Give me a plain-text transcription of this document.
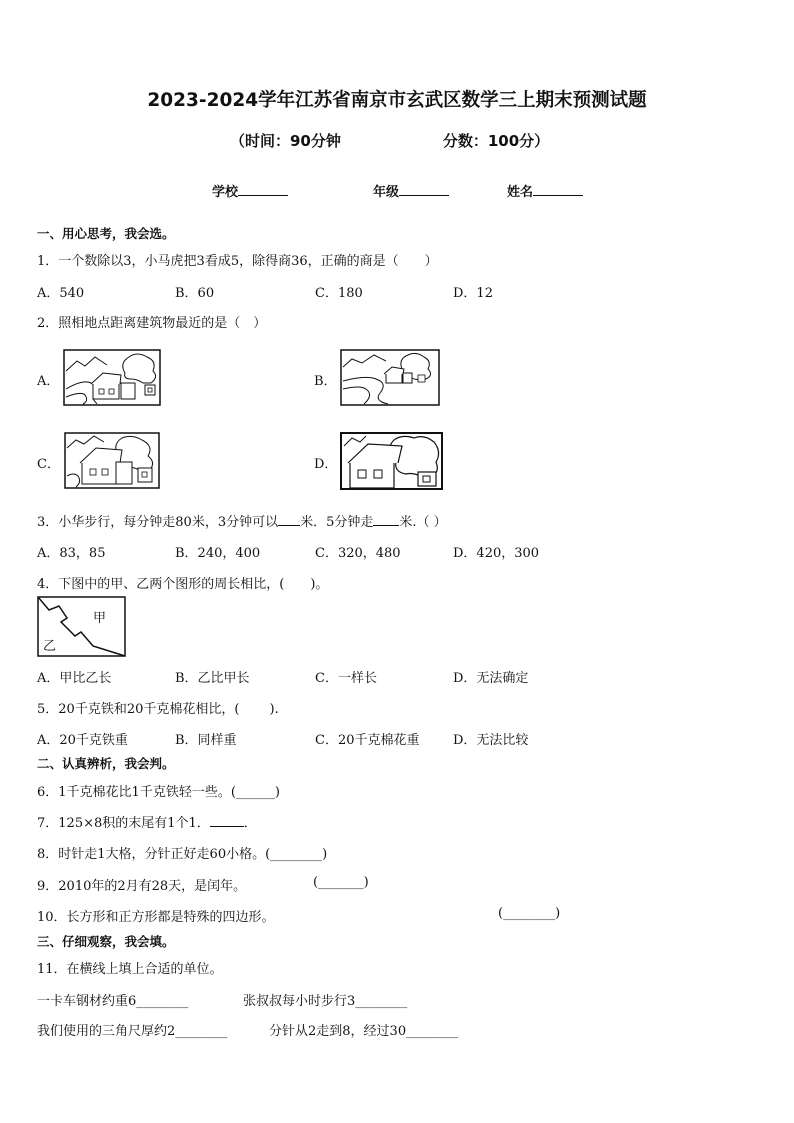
2023-2024学年江苏省南京市玄武区数学三上期末预测试题
（时间：90分钟	分数：100分）
学校	年级	姓名
一、用心思考，我会选。
1．一个数除以3，小马虎把3看成5，除得商36，正确的商是（　　）
A．540	B．60	C．180	D．12
2．照相地点距离建筑物最近的是（　）
A．	B．
C．	D．
3．小华步行，每分钟走80米，3分钟可以 米．5分钟走 米.（ ）
A．83，85	B．240，400	C．320，480	D．420，300
4．下图中的甲、乙两个图形的周长相比，(　　)。
甲
乙
A．甲比乙长	B．乙比甲长	C．一样长	D．无法确定
5．20千克铁和20千克棉花相比，(　　 ).
A．20千克铁重	B．同样重	C．20千克棉花重	D．无法比较
二、认真辨析，我会判。
6．1千克棉花比1千克铁轻一些。(______)
7．125×8积的末尾有1个1．	．
8．时针走1大格，分针正好走60小格。(________)
9．2010年的2月有28天，是闰年。	(_______)
10．长方形和正方形都是特殊的四边形。	(________)
三、仔细观察，我会填。
11．在横线上填上合适的单位。
一卡车钢材约重6________	张叔叔每小时步行3________
我们使用的三角尺厚约2________	分针从2走到8，经过30________
